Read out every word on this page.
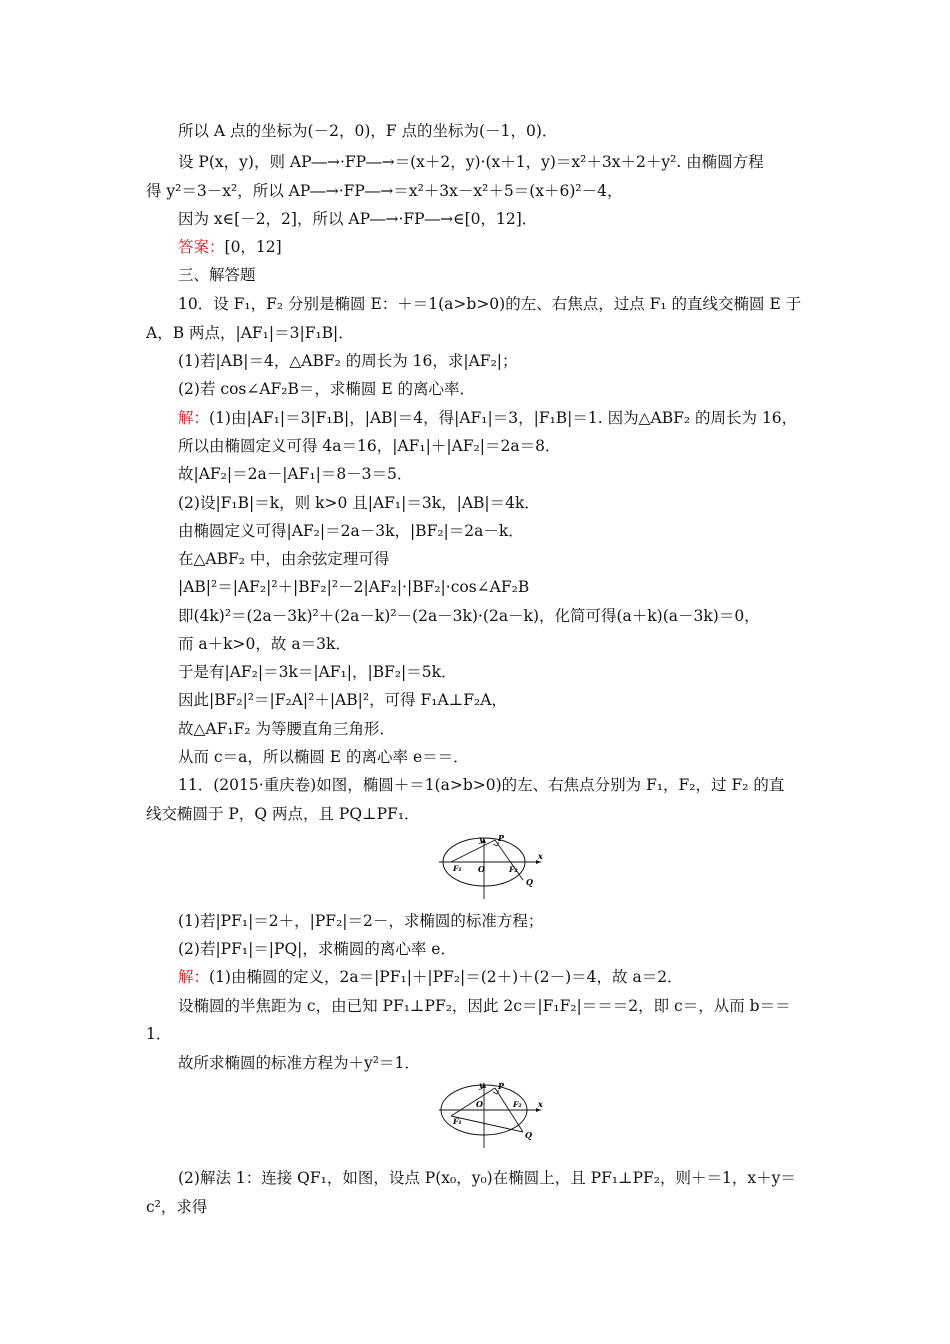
所以 A 点的坐标为(－2，0)，F 点的坐标为(－1，0)．
设 P(x，y)，则 AP―→·FP―→＝(x＋2，y)·(x＋1，y)＝x²＋3x＋2＋y². 由椭圆方程
得 y²＝3－x²，所以 AP―→·FP―→＝x²＋3x－x²＋5＝(x＋6)²－4，
因为 x∈[－2，2]，所以 AP―→·FP―→∈[0，12]．
答案：[0，12]
三、解答题
10．设 F₁，F₂ 分别是椭圆 E：＋＝1(a>b>0)的左、右焦点，过点 F₁ 的直线交椭圆 E 于
A，B 两点，|AF₁|＝3|F₁B|．
(1)若|AB|＝4，△ABF₂ 的周长为 16，求|AF₂|；
(2)若 cos∠AF₂B＝，求椭圆 E 的离心率．
解：(1)由|AF₁|＝3|F₁B|，|AB|＝4，得|AF₁|＝3，|F₁B|＝1. 因为△ABF₂ 的周长为 16，
所以由椭圆定义可得 4a＝16，|AF₁|＋|AF₂|＝2a＝8．
故|AF₂|＝2a－|AF₁|＝8－3＝5．
(2)设|F₁B|＝k，则 k>0 且|AF₁|＝3k，|AB|＝4k．
由椭圆定义可得|AF₂|＝2a－3k，|BF₂|＝2a－k．
在△ABF₂ 中，由余弦定理可得
|AB|²＝|AF₂|²＋|BF₂|²－2|AF₂|·|BF₂|·cos∠AF₂B
即(4k)²＝(2a－3k)²＋(2a－k)²－(2a－3k)·(2a－k)，化简可得(a＋k)(a－3k)＝0，
而 a＋k>0，故 a＝3k．
于是有|AF₂|＝3k＝|AF₁|，|BF₂|＝5k．
因此|BF₂|²＝|F₂A|²＋|AB|²，可得 F₁A⊥F₂A，
故△AF₁F₂ 为等腰直角三角形．
从而 c＝a，所以椭圆 E 的离心率 e＝＝．
11．(2015·重庆卷)如图，椭圆＋＝1(a>b>0)的左、右焦点分别为 F₁，F₂，过 F₂ 的直
线交椭圆于 P，Q 两点，且 PQ⊥PF₁．
y P
x
F₁ O	F₂
Q
(1)若|PF₁|＝2＋，|PF₂|＝2－，求椭圆的标准方程；
(2)若|PF₁|＝|PQ|，求椭圆的离心率 e．
解：(1)由椭圆的定义，2a＝|PF₁|＋|PF₂|＝(2＋)＋(2－)＝4，故 a＝2．
设椭圆的半焦距为 c，由已知 PF₁⊥PF₂，因此 2c＝|F₁F₂|＝＝＝2，即 c＝，从而 b＝＝
1．
故所求椭圆的标准方程为＋y²＝1．
y P
x
F₁
O	F₂
Q
(2)解法 1：连接 QF₁，如图，设点 P(x₀，y₀)在椭圆上，且 PF₁⊥PF₂，则＋＝1，x＋y＝
c²，求得
